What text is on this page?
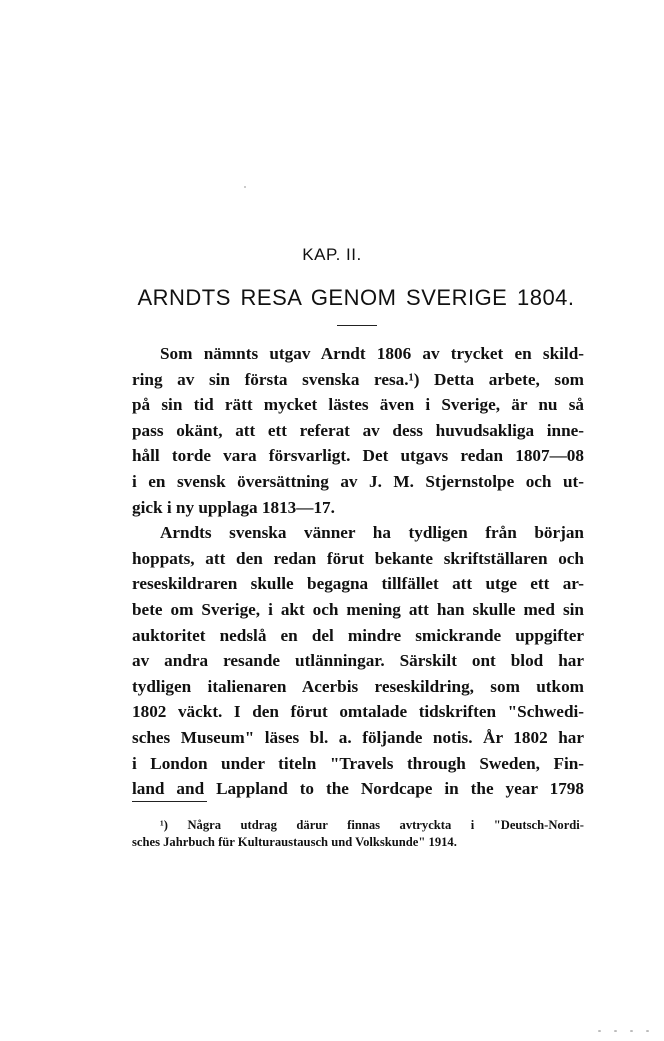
KAP. II.
ARNDTS RESA GENOM SVERIGE 1804.
Som nämnts utgav Arndt 1806 av trycket en skild-
ring av sin första svenska resa.¹) Detta arbete, som
på sin tid rätt mycket lästes även i Sverige, är nu så
pass okänt, att ett referat av dess huvudsakliga inne-
håll torde vara försvarligt. Det utgavs redan 1807—08
i en svensk översättning av J. M. Stjernstolpe och ut-
gick i ny upplaga 1813—17.
Arndts svenska vänner ha tydligen från början
hoppats, att den redan förut bekante skriftställaren och
reseskildraren skulle begagna tillfället att utge ett ar-
bete om Sverige, i akt och mening att han skulle med sin
auktoritet nedslå en del mindre smickrande uppgifter
av andra resande utlänningar. Särskilt ont blod har
tydligen italienaren Acerbis reseskildring, som utkom
1802 väckt. I den förut omtalade tidskriften "Schwedi-
sches Museum" läses bl. a. följande notis. År 1802 har
i London under titeln "Travels through Sweden, Fin-
land and Lappland to the Nordcape in the year 1798
¹) Några utdrag därur finnas avtryckta i "Deutsch-Nordi-
sches Jahrbuch für Kulturaustausch und Volkskunde" 1914.
